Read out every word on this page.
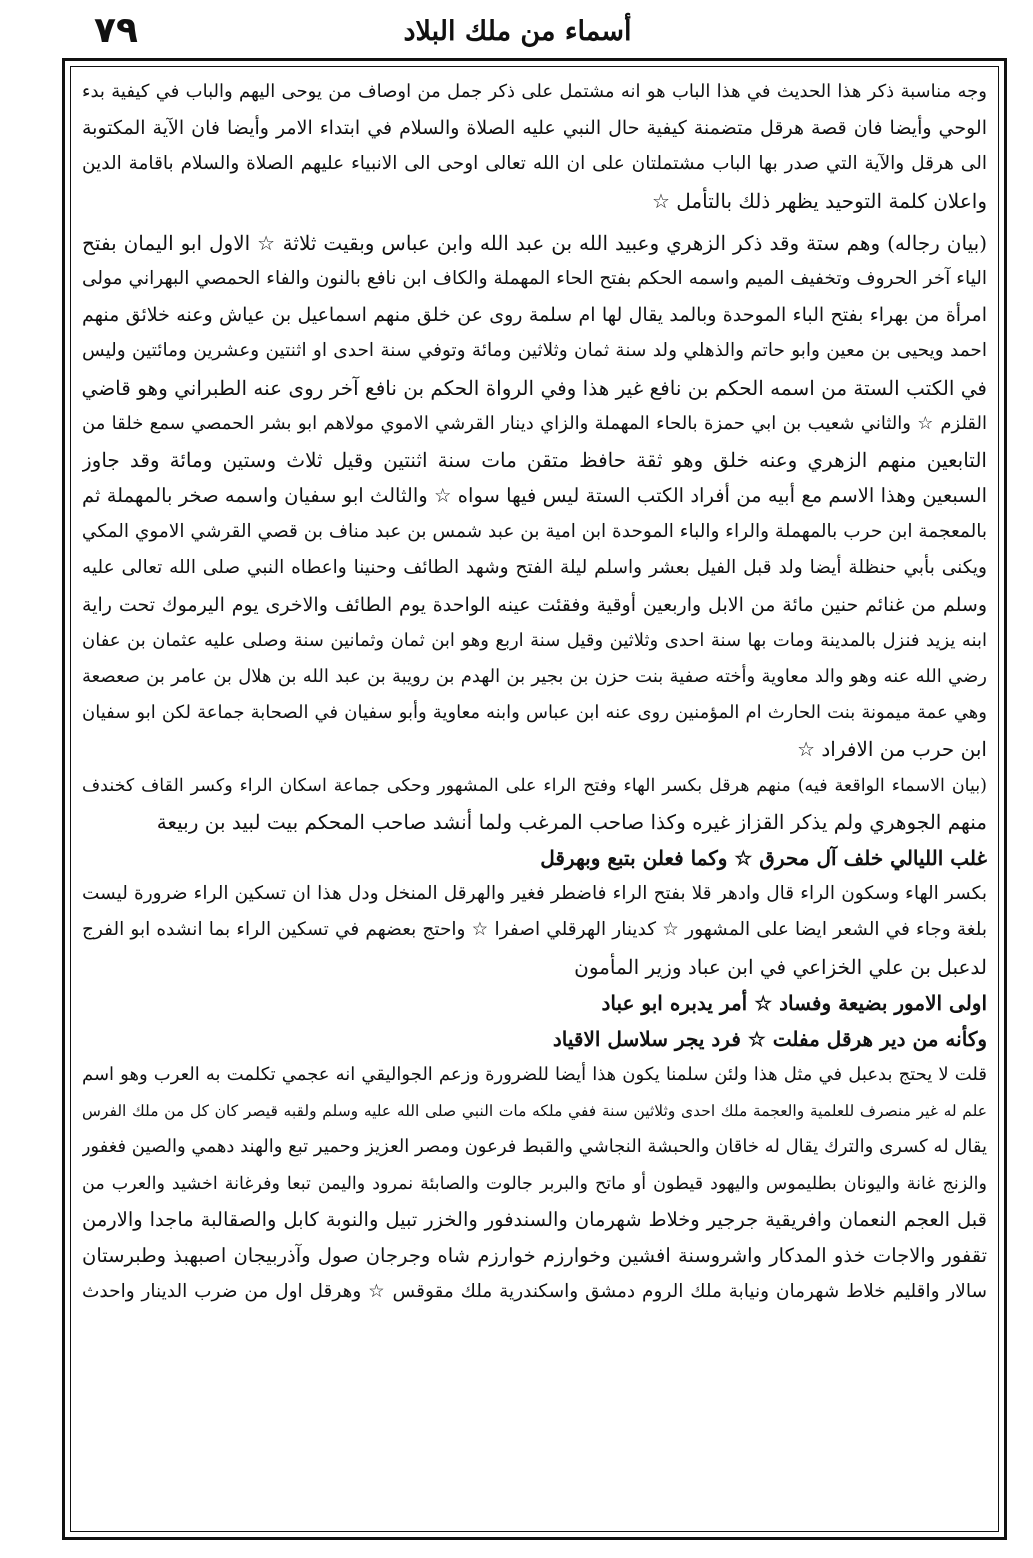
٧٩	أسماء من ملك البلاد
وجه مناسبة ذكر هذا الحديث في هذا الباب هو انه مشتمل على ذكر جمل من اوصاف من يوحى اليهم والباب في كيفية بدء
الوحي وأيضا فان قصة هرقل متضمنة كيفية حال النبي عليه الصلاة والسلام في ابتداء الامر وأيضا فان الآية المكتوبة
الى هرقل والآية التي صدر بها الباب مشتملتان على ان الله تعالى اوحى الى الانبياء عليهم الصلاة والسلام باقامة الدين
واعلان كلمة التوحيد يظهر ذلك بالتأمل ☆
(بيان رجاله) وهم ستة وقد ذكر الزهري وعبيد الله بن عبد الله وابن عباس وبقيت ثلاثة ☆ الاول ابو اليمان بفتح
الياء آخر الحروف وتخفيف الميم واسمه الحكم بفتح الحاء المهملة والكاف ابن نافع بالنون والفاء الحمصي البهراني مولى
امرأة من بهراء بفتح الباء الموحدة وبالمد يقال لها ام سلمة روى عن خلق منهم اسماعيل بن عياش وعنه خلائق منهم
احمد ويحيى بن معين وابو حاتم والذهلي ولد سنة ثمان وثلاثين ومائة وتوفي سنة احدى او اثنتين وعشرين ومائتين وليس
في الكتب الستة من اسمه الحكم بن نافع غير هذا وفي الرواة الحكم بن نافع آخر روى عنه الطبراني وهو قاضي
القلزم ☆ والثاني شعيب بن ابي حمزة بالحاء المهملة والزاي دينار القرشي الاموي مولاهم ابو بشر الحمصي سمع خلقا من
التابعين منهم الزهري وعنه خلق وهو ثقة حافظ متقن مات سنة اثنتين وقيل ثلاث وستين ومائة وقد جاوز
السبعين وهذا الاسم مع أبيه من أفراد الكتب الستة ليس فيها سواه ☆ والثالث ابو سفيان واسمه صخر بالمهملة ثم
بالمعجمة ابن حرب بالمهملة والراء والباء الموحدة ابن امية بن عبد شمس بن عبد مناف بن قصي القرشي الاموي المكي
ويكنى بأبي حنظلة أيضا ولد قبل الفيل بعشر واسلم ليلة الفتح وشهد الطائف وحنينا واعطاه النبي صلى الله تعالى عليه
وسلم من غنائم حنين مائة من الابل واربعين أوقية وفقئت عينه الواحدة يوم الطائف والاخرى يوم اليرموك تحت راية
ابنه يزيد فنزل بالمدينة ومات بها سنة احدى وثلاثين وقيل سنة اربع وهو ابن ثمان وثمانين سنة وصلى عليه عثمان بن عفان
رضي الله عنه وهو والد معاوية وأخته صفية بنت حزن بن بجير بن الهدم بن رويبة بن عبد الله بن هلال بن عامر بن صعصعة
وهي عمة ميمونة بنت الحارث ام المؤمنين روى عنه ابن عباس وابنه معاوية وأبو سفيان في الصحابة جماعة لكن ابو سفيان
ابن حرب من الافراد ☆
(بيان الاسماء الواقعة فيه) منهم هرقل بكسر الهاء وفتح الراء على المشهور وحكى جماعة اسكان الراء وكسر القاف كخندف
منهم الجوهري ولم يذكر القزاز غيره وكذا صاحب المرغب ولما أنشد صاحب المحكم بيت لبيد بن ربيعة
غلب الليالي خلف آل محرق ☆ وكما فعلن بتبع وبهرقل
بكسر الهاء وسكون الراء قال وادهر قلا بفتح الراء فاضطر فغير والهرقل المنخل ودل هذا ان تسكين الراء ضرورة ليست
بلغة وجاء في الشعر ايضا على المشهور ☆ كدينار الهرقلي اصفرا ☆ واحتج بعضهم في تسكين الراء بما انشده ابو الفرج
لدعبل بن علي الخزاعي في ابن عباد وزير المأمون
اولى الامور بضيعة وفساد ☆ أمر يدبره ابو عباد
وكأنه من دير هرقل مفلت ☆ فرد يجر سلاسل الاقياد
قلت لا يحتج بدعبل في مثل هذا ولئن سلمنا يكون هذا أيضا للضرورة وزعم الجواليقي انه عجمي تكلمت به العرب وهو اسم
علم له غير منصرف للعلمية والعجمة ملك احدى وثلاثين سنة ففي ملكه مات النبي صلى الله عليه وسلم ولقبه قيصر كان كل من ملك الفرس
يقال له كسرى والترك يقال له خاقان والحبشة النجاشي والقبط فرعون ومصر العزيز وحمير تبع والهند دهمي والصين فغفور
والزنج غانة واليونان بطليموس واليهود قيطون أو ماتح والبربر جالوت والصابئة نمرود واليمن تبعا وفرغانة اخشيد والعرب من
قبل العجم النعمان وافريقية جرجير وخلاط شهرمان والسندفور والخزر تبيل والنوبة كابل والصقالبة ماجدا والارمن
تقفور والاجات خذو المدكار واشروسنة افشين وخوارزم خوارزم شاه وجرجان صول وآذربيجان اصبهبذ وطبرستان
سالار واقليم خلاط شهرمان ونيابة ملك الروم دمشق واسكندرية ملك مقوقس ☆ وهرقل اول من ضرب الدينار واحدث
